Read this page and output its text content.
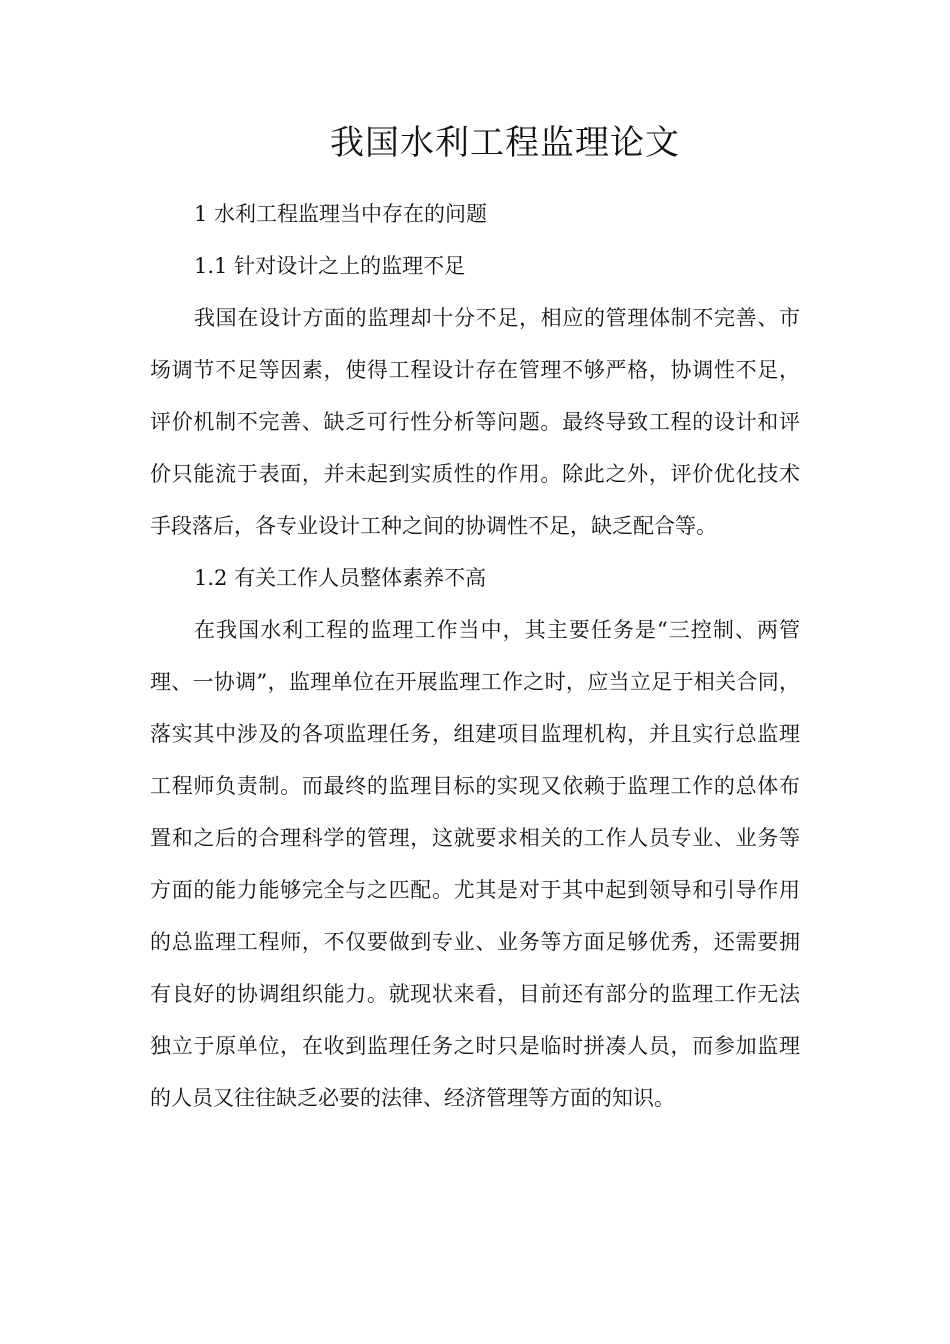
我国水利工程监理论文

1 水利工程监理当中存在的问题

1.1 针对设计之上的监理不足

我国在设计方面的监理却十分不足，相应的管理体制不完善、市场调节不足等因素，使得工程设计存在管理不够严格，协调性不足，评价机制不完善、缺乏可行性分析等问题。最终导致工程的设计和评价只能流于表面，并未起到实质性的作用。除此之外，评价优化技术手段落后，各专业设计工种之间的协调性不足，缺乏配合等。

1.2 有关工作人员整体素养不高

在我国水利工程的监理工作当中，其主要任务是“三控制、两管理、一协调”，监理单位在开展监理工作之时，应当立足于相关合同，落实其中涉及的各项监理任务，组建项目监理机构，并且实行总监理工程师负责制。而最终的监理目标的实现又依赖于监理工作的总体布置和之后的合理科学的管理，这就要求相关的工作人员专业、业务等方面的能力能够完全与之匹配。尤其是对于其中起到领导和引导作用的总监理工程师，不仅要做到专业、业务等方面足够优秀，还需要拥有良好的协调组织能力。就现状来看，目前还有部分的监理工作无法独立于原单位，在收到监理任务之时只是临时拼凑人员，而参加监理的人员又往往缺乏必要的法律、经济管理等方面的知识。
